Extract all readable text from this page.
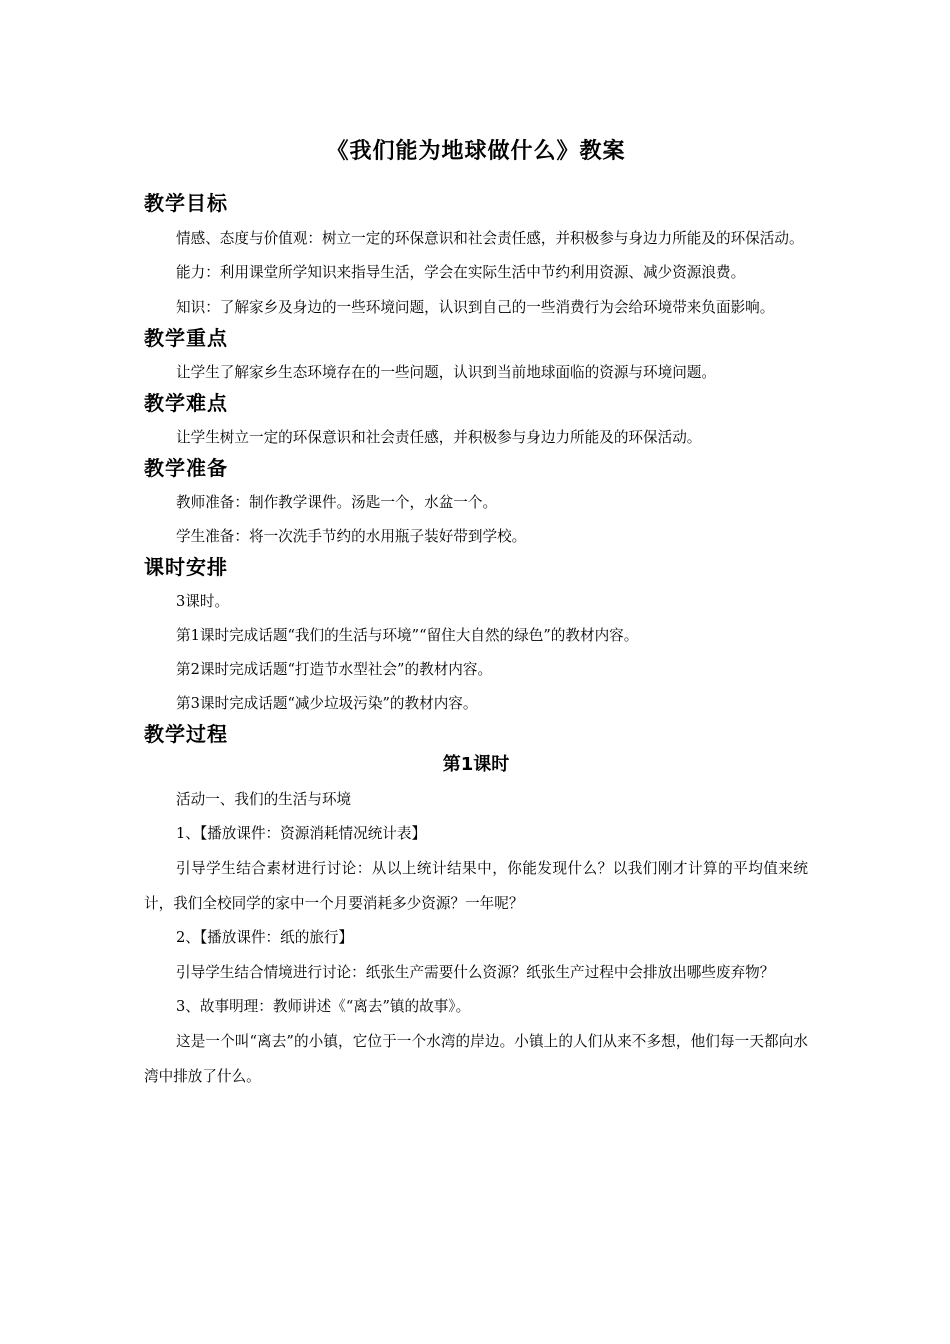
《我们能为地球做什么》教案
教学目标

情感、态度与价值观：树立一定的环保意识和社会责任感，并积极参与身边力所能及的环保活动。

能力：利用课堂所学知识来指导生活，学会在实际生活中节约利用资源、减少资源浪费。

知识：了解家乡及身边的一些环境问题，认识到自己的一些消费行为会给环境带来负面影响。

教学重点

让学生了解家乡生态环境存在的一些问题，认识到当前地球面临的资源与环境问题。

教学难点

让学生树立一定的环保意识和社会责任感，并积极参与身边力所能及的环保活动。

教学准备

教师准备：制作教学课件。汤匙一个，水盆一个。

学生准备：将一次洗手节约的水用瓶子装好带到学校。

课时安排

3课时。

第1课时完成话题“我们的生活与环境”“留住大自然的绿色”的教材内容。

第2课时完成话题“打造节水型社会”的教材内容。

第3课时完成话题“减少垃圾污染”的教材内容。

教学过程
第1课时

活动一、我们的生活与环境

1、【播放课件：资源消耗情况统计表】

引导学生结合素材进行讨论：从以上统计结果中，你能发现什么？以我们刚才计算的平均值来统计，我们全校同学的家中一个月要消耗多少资源？一年呢？

2、【播放课件：纸的旅行】

引导学生结合情境进行讨论：纸张生产需要什么资源？纸张生产过程中会排放出哪些废弃物？

3、故事明理：教师讲述《“离去”镇的故事》。

这是一个叫“离去”的小镇，它位于一个水湾的岸边。小镇上的人们从来不多想，他们每一天都向水湾中排放了什么。
